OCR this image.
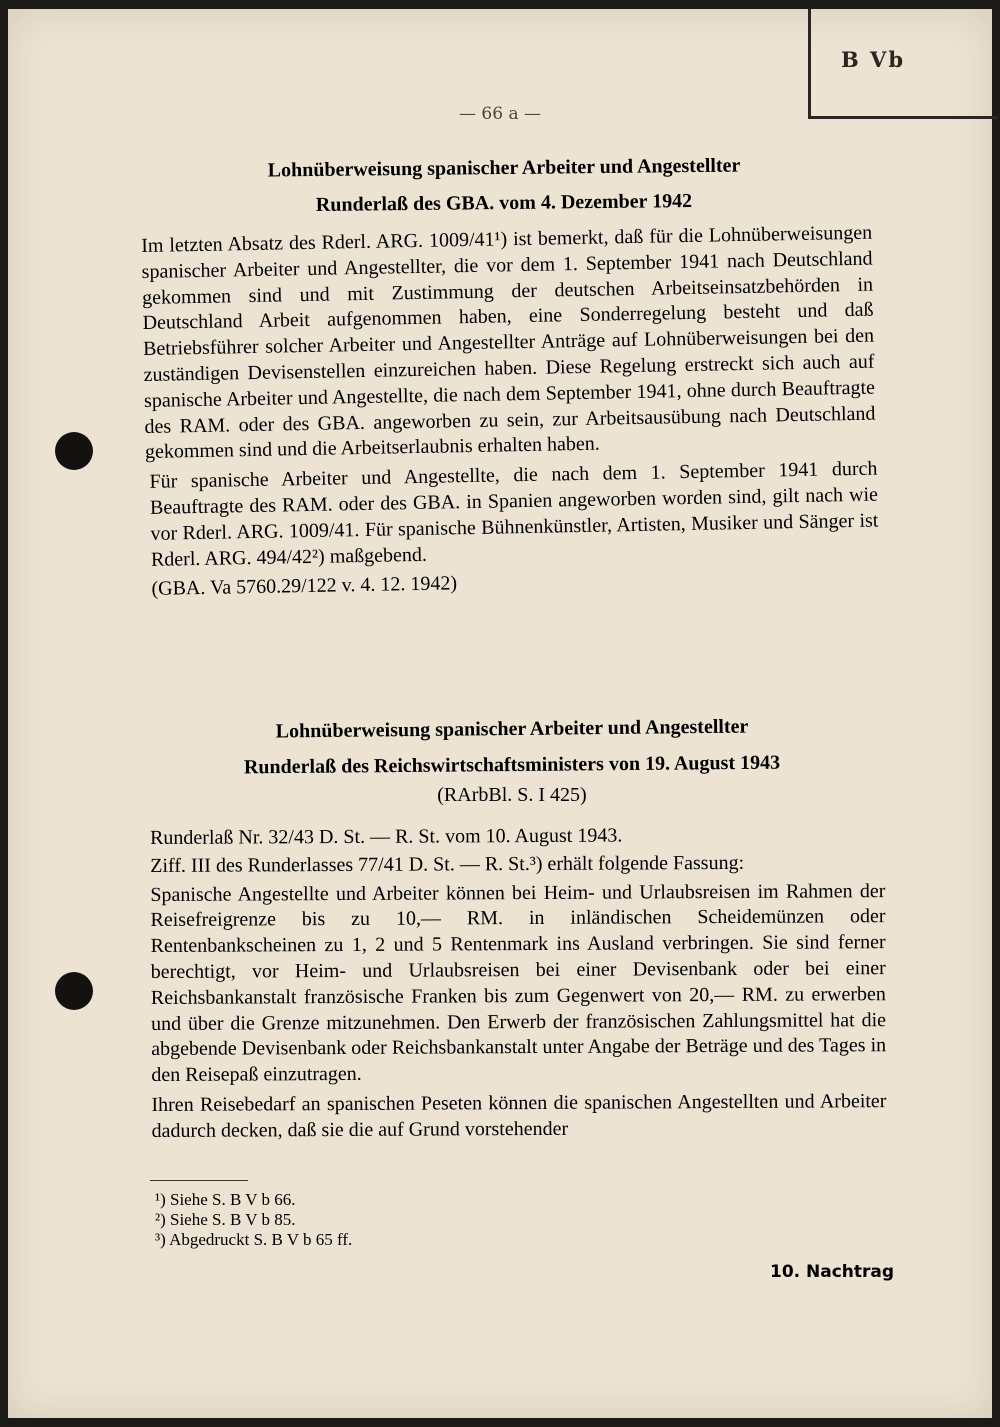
B Vb
— 66 a —
Lohnüberweisung spanischer Arbeiter und Angestellter
Runderlaß des GBA. vom 4. Dezember 1942

Im letzten Absatz des Rderl. ARG. 1009/41¹) ist bemerkt, daß für die Lohnüberweisungen spanischer Arbeiter und Angestellter, die vor dem 1. September 1941 nach Deutschland gekommen sind und mit Zustimmung der deutschen Arbeitseinsatzbehörden in Deutschland Arbeit aufgenommen haben, eine Sonderregelung besteht und daß Betriebsführer solcher Arbeiter und Angestellter Anträge auf Lohnüberweisungen bei den zuständigen Devisenstellen einzureichen haben. Diese Regelung erstreckt sich auch auf spanische Arbeiter und Angestellte, die nach dem September 1941, ohne durch Beauftragte des RAM. oder des GBA. angeworben zu sein, zur Arbeitsausübung nach Deutschland gekommen sind und die Arbeitserlaubnis erhalten haben.

Für spanische Arbeiter und Angestellte, die nach dem 1. September 1941 durch Beauftragte des RAM. oder des GBA. in Spanien angeworben worden sind, gilt nach wie vor Rderl. ARG. 1009/41. Für spanische Bühnenkünstler, Artisten, Musiker und Sänger ist Rderl. ARG. 494/42²) maßgebend.

(GBA. Va 5760.29/122 v. 4. 12. 1942)

Lohnüberweisung spanischer Arbeiter und Angestellter
Runderlaß des Reichswirtschaftsministers von 19. August 1943
(RArbBl. S. I 425)

Runderlaß Nr. 32/43 D. St. — R. St. vom 10. August 1943.

Ziff. III des Runderlasses 77/41 D. St. — R. St.³) erhält folgende Fassung:

Spanische Angestellte und Arbeiter können bei Heim- und Urlaubsreisen im Rahmen der Reisefreigrenze bis zu 10,— RM. in inländischen Scheidemünzen oder Rentenbankscheinen zu 1, 2 und 5 Rentenmark ins Ausland verbringen. Sie sind ferner berechtigt, vor Heim- und Urlaubsreisen bei einer Devisenbank oder bei einer Reichsbankanstalt französische Franken bis zum Gegenwert von 20,— RM. zu erwerben und über die Grenze mitzunehmen. Den Erwerb der französischen Zahlungsmittel hat die abgebende Devisenbank oder Reichsbankanstalt unter Angabe der Beträge und des Tages in den Reisepaß einzutragen.

Ihren Reisebedarf an spanischen Peseten können die spanischen Angestellten und Arbeiter dadurch decken, daß sie die auf Grund vorstehender

¹) Siehe S. B V b 66.
²) Siehe S. B V b 85.
³) Abgedruckt S. B V b 65 ff.
10. Nachtrag
